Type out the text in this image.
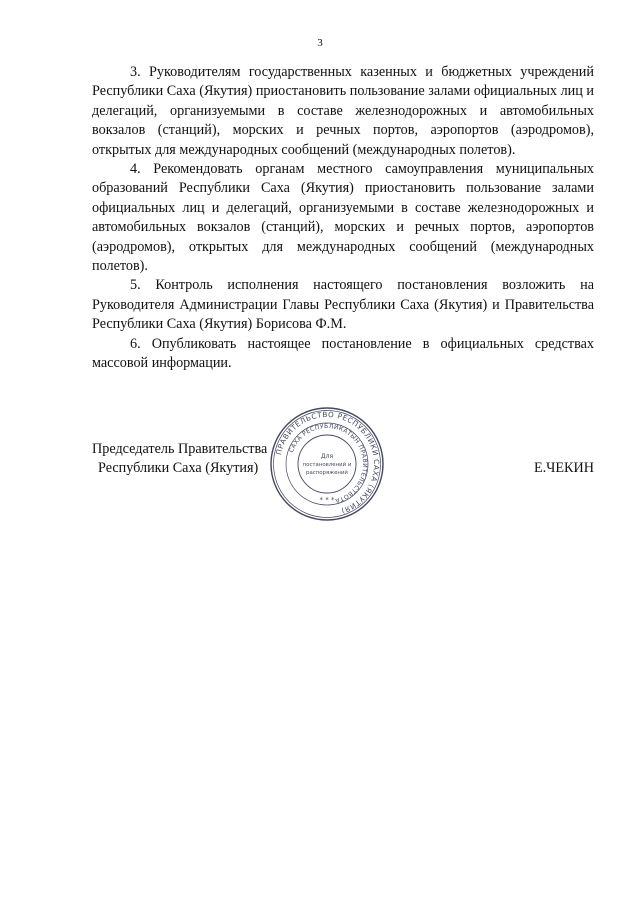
3

3. Руководителям государственных казенных и бюджетных учреждений Республики Саха (Якутия) приостановить пользование залами официальных лиц и делегаций, организуемыми в составе железнодорожных и автомобильных вокзалов (станций), морских и речных портов, аэропортов (аэродромов), открытых для международных сообщений (международных полетов).

4. Рекомендовать органам местного самоуправления муниципальных образований Республики Саха (Якутия) приостановить пользование залами официальных лиц и делегаций, организуемыми в составе железнодорожных и автомобильных вокзалов (станций), морских и речных портов, аэропортов (аэродромов), открытых для международных сообщений (международных полетов).

5. Контроль исполнения настоящего постановления возложить на Руководителя Администрации Главы Республики Саха (Якутия) и Правительства Республики Саха (Якутия) Борисова Ф.М.

6. Опубликовать настоящее постановление в официальных средствах массовой информации.

Председатель Правительства
Республики Саха (Якутия)	Е.ЧЕКИН
ПРАВИТЕЛЬСТВО РЕСПУБЛИКИ САХА (ЯКУТИЯ)
САХА РЕСПУБЛИКАТЫН ПРАВИТЕЛЬСТВОТА
Для
постановлений и
распоряжений
* * *
